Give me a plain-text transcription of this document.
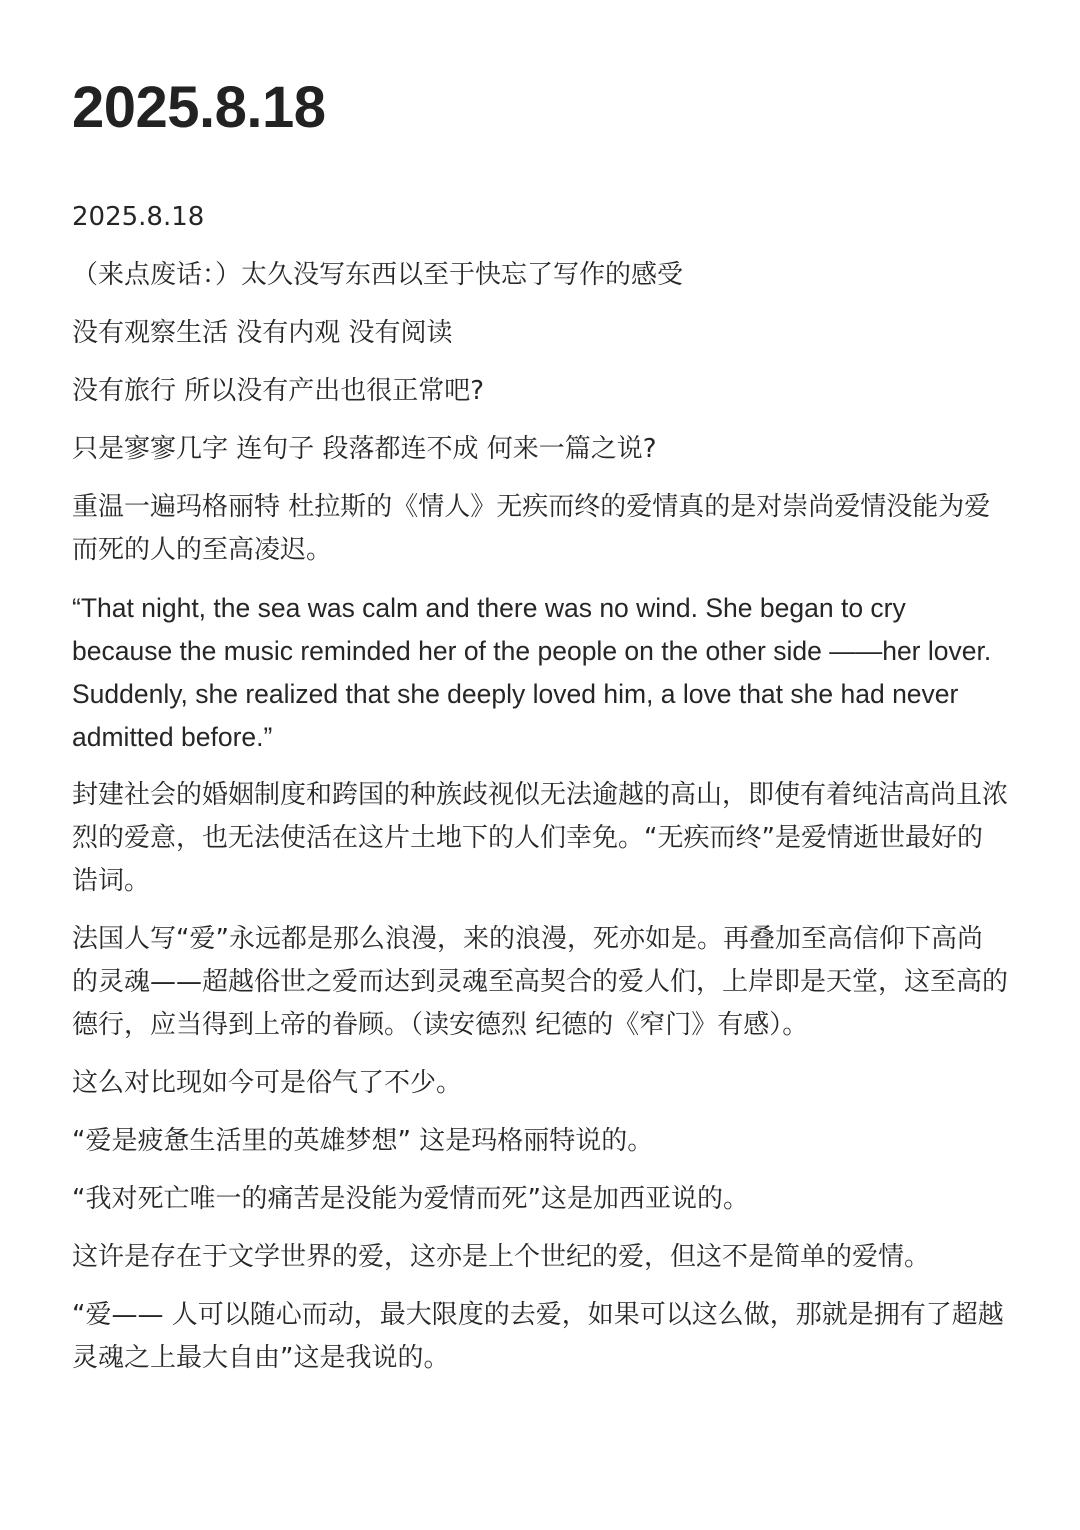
2025.8.18

2025.8.18

（来点废话：）太久没写东西以至于快忘了写作的感受

没有观察生活 没有内观 没有阅读

没有旅行 所以没有产出也很正常吧?

只是寥寥几字 连句子 段落都连不成 何来一篇之说?

重温一遍玛格丽特 杜拉斯的《情人》无疾而终的爱情真的是对崇尚爱情没能为爱而死的人的至高凌迟。

“That night, the sea was calm and there was no wind. She began to cry because the music reminded her of the people on the other side ——her lover. Suddenly, she realized that she deeply loved him, a love that she had never admitted before.”

封建社会的婚姻制度和跨国的种族歧视似无法逾越的高山，即使有着纯洁高尚且浓烈的爱意，也无法使活在这片土地下的人们幸免。“无疾而终”是爱情逝世最好的诰词。

法国人写“爱”永远都是那么浪漫，来的浪漫，死亦如是。再叠加至高信仰下高尚的灵魂——超越俗世之爱而达到灵魂至高契合的爱人们，上岸即是天堂，这至高的德行，应当得到上帝的眷顾。（读安德烈 纪德的《窄门》有感）。

这么对比现如今可是俗气了不少。

“爱是疲惫生活里的英雄梦想” 这是玛格丽特说的。

“我对死亡唯一的痛苦是没能为爱情而死”这是加西亚说的。

这许是存在于文学世界的爱，这亦是上个世纪的爱，但这不是简单的爱情。

“爱—— 人可以随心而动，最大限度的去爱，如果可以这么做，那就是拥有了超越灵魂之上最大自由”这是我说的。
